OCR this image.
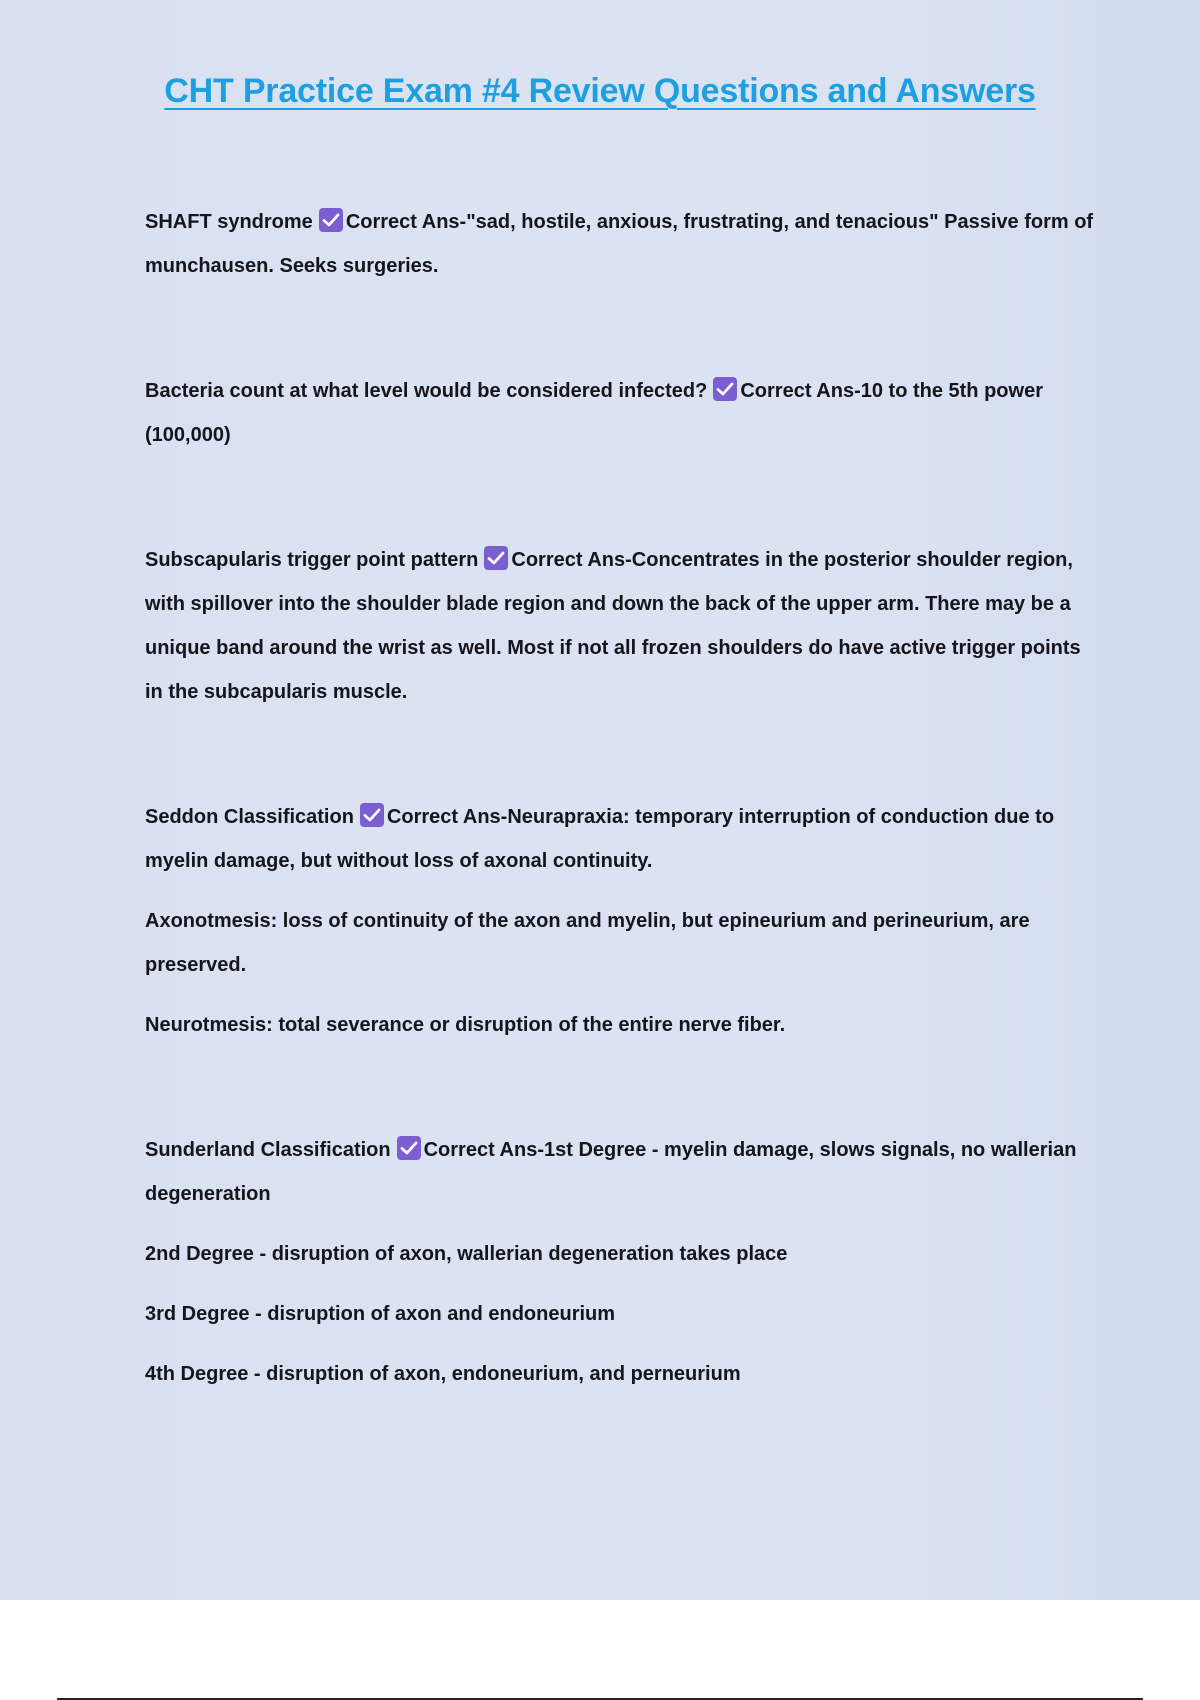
CHT Practice Exam #4 Review Questions and Answers

SHAFT syndrome Correct Ans-"sad, hostile, anxious, frustrating, and tenacious" Passive form of munchausen. Seeks surgeries.

Bacteria count at what level would be considered infected? Correct Ans-10 to the 5th power (100,000)

Subscapularis trigger point pattern Correct Ans-Concentrates in the posterior shoulder region, with spillover into the shoulder blade region and down the back of the upper arm. There may be a unique band around the wrist as well. Most if not all frozen shoulders do have active trigger points in the subcapularis muscle.

Seddon Classification Correct Ans-Neurapraxia: temporary interruption of conduction due to myelin damage, but without loss of axonal continuity.

Axonotmesis: loss of continuity of the axon and myelin, but epineurium and perineurium, are preserved.

Neurotmesis: total severance or disruption of the entire nerve fiber.

Sunderland Classification Correct Ans-1st Degree - myelin damage, slows signals, no wallerian degeneration

2nd Degree - disruption of axon, wallerian degeneration takes place

3rd Degree - disruption of axon and endoneurium

4th Degree - disruption of axon, endoneurium, and perneurium
